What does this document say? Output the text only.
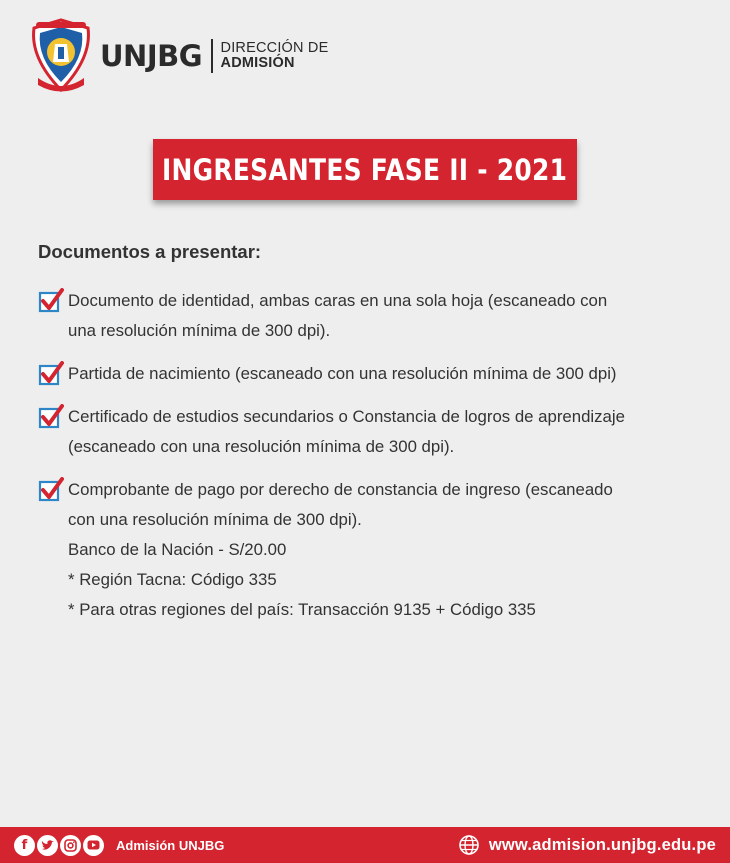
UNJBG DIRECCIÓN DE
ADMISIÓN
INGRESANTES FASE II - 2021
Documentos a presentar:
Documento de identidad, ambas caras en una sola hoja (escaneado con
una resolución mínima de 300 dpi).
Partida de nacimiento (escaneado con una resolución mínima de 300 dpi)
Certificado de estudios secundarios o Constancia de logros de aprendizaje
(escaneado con una resolución mínima de 300 dpi).
Comprobante de pago por derecho de constancia de ingreso (escaneado
con una resolución mínima de 300 dpi).
Banco de la Nación - S/20.00
* Región Tacna: Código 335
* Para otras regiones del país: Transacción 9135 + Código 335
f	Admisión UNJBG	www.admision.unjbg.edu.pe
